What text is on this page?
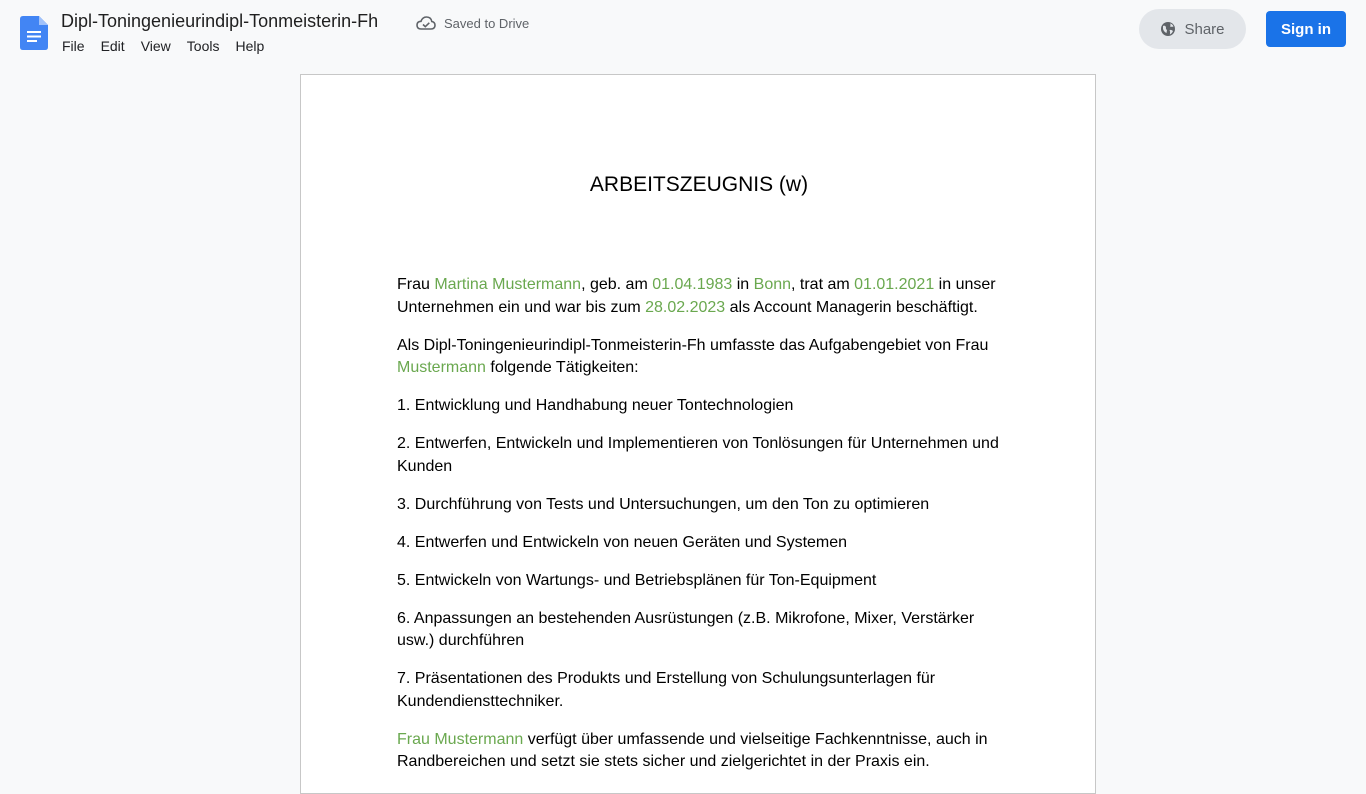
Dipl-Toningenieurindipl-Tonmeisterin-Fh	Saved to Drive
File	Edit	View	Tools	Help
Share	Sign in
ARBEITSZEUGNIS (w)

Frau Martina Mustermann, geb. am 01.04.1983 in Bonn, trat am 01.01.2021 in unser Unternehmen ein und war bis zum 28.02.2023 als Account Managerin beschäftigt.

Als Dipl-Toningenieurindipl-Tonmeisterin-Fh umfasste das Aufgabengebiet von Frau Mustermann folgende Tätigkeiten:

1. Entwicklung und Handhabung neuer Tontechnologien

2. Entwerfen, Entwickeln und Implementieren von Tonlösungen für Unternehmen und Kunden

3. Durchführung von Tests und Untersuchungen, um den Ton zu optimieren

4. Entwerfen und Entwickeln von neuen Geräten und Systemen

5. Entwickeln von Wartungs- und Betriebsplänen für Ton-Equipment

6. Anpassungen an bestehenden Ausrüstungen (z.B. Mikrofone, Mixer, Verstärker usw.) durchführen

7. Präsentationen des Produkts und Erstellung von Schulungsunterlagen für Kundendiensttechniker.

Frau Mustermann verfügt über umfassende und vielseitige Fachkenntnisse, auch in Randbereichen und setzt sie stets sicher und zielgerichtet in der Praxis ein.
